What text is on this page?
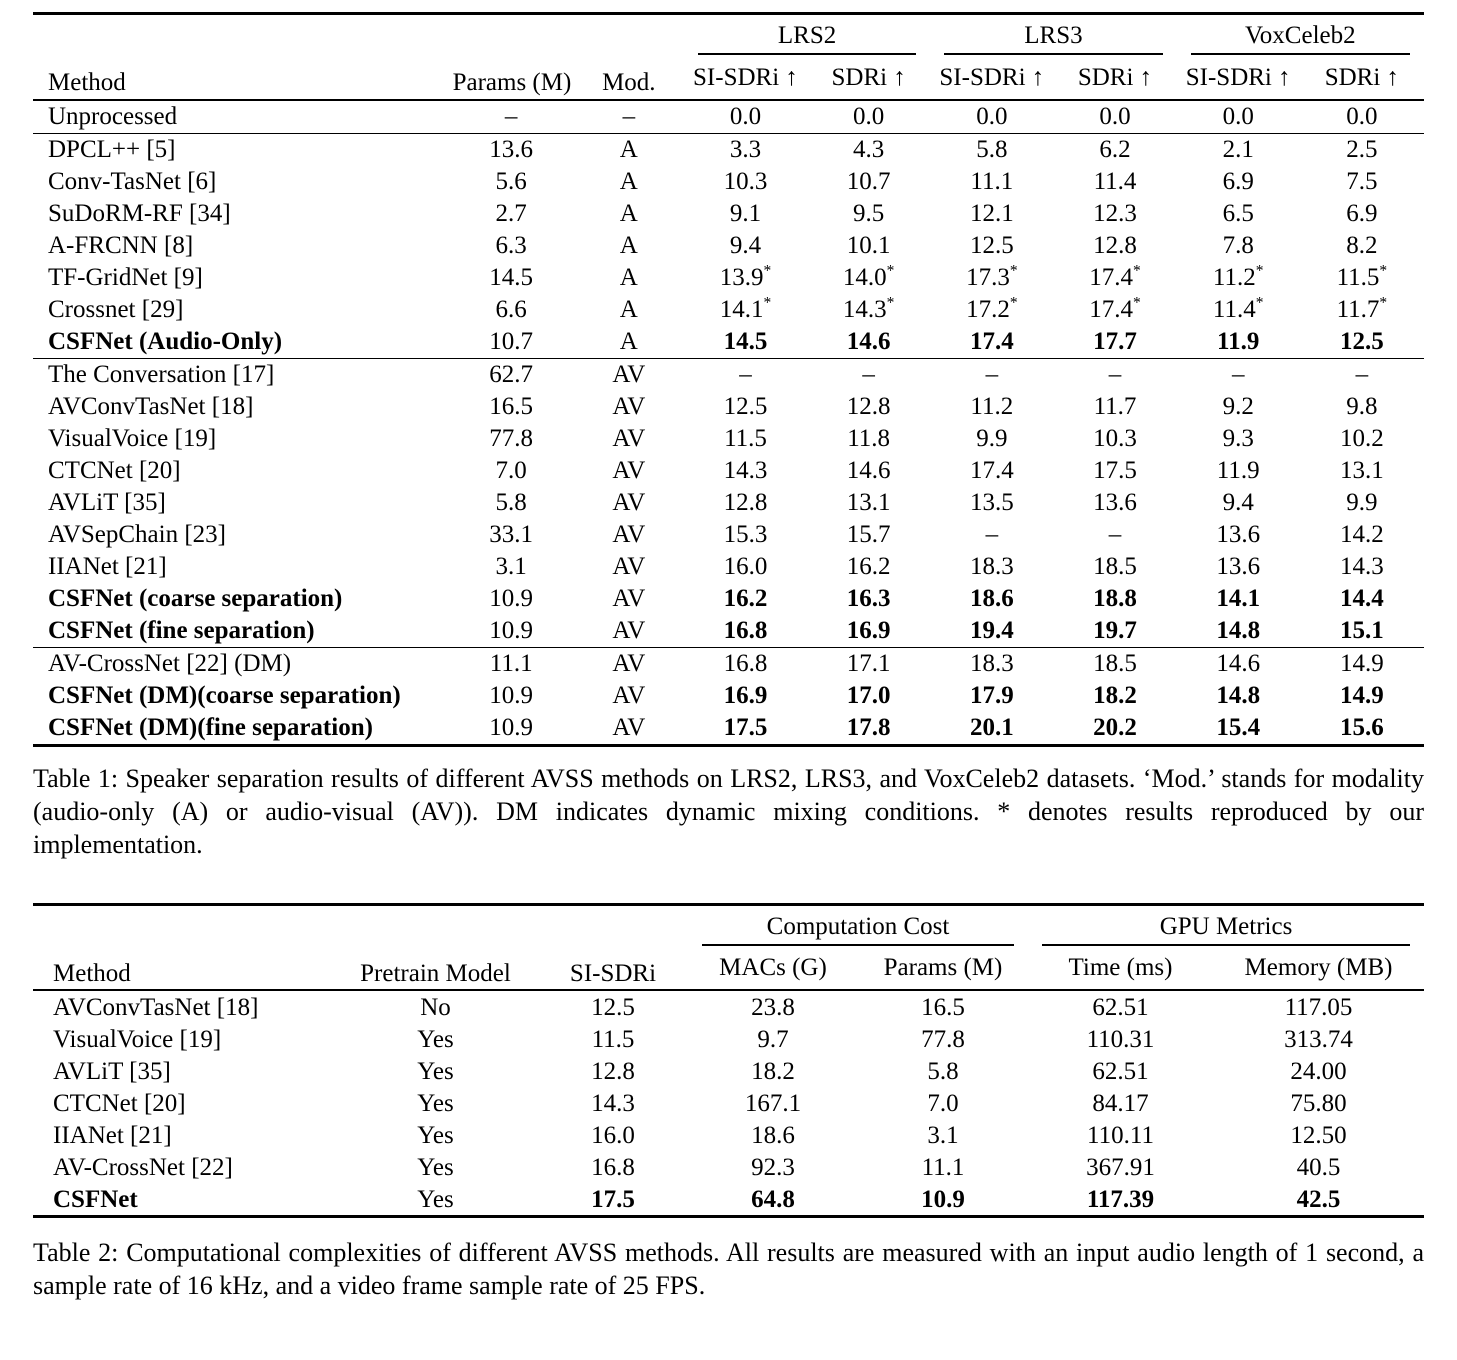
Method	Params (M)	Mod.	LRS2		LRS3		VoxCeleb2	

			SI-SDRi ↑	SDRi ↑	SI-SDRi ↑	SDRi ↑	SI-SDRi ↑	SDRi ↑
Unprocessed	–	–	0.0	0.0	0.0	0.0	0.0	0.0
DPCL++ [5]	13.6	A	3.3	4.3	5.8	6.2	2.1	2.5
Conv-TasNet [6]	5.6	A	10.3	10.7	11.1	11.4	6.9	7.5
SuDoRM-RF [34]	2.7	A	9.1	9.5	12.1	12.3	6.5	6.9
A-FRCNN [8]	6.3	A	9.4	10.1	12.5	12.8	7.8	8.2
TF-GridNet [9]	14.5	A	13.9*	14.0*	17.3*	17.4*	11.2*	11.5*
Crossnet [29]	6.6	A	14.1*	14.3*	17.2*	17.4*	11.4*	11.7*
CSFNet (Audio-Only)	10.7	A	14.5	14.6	17.4	17.7	11.9	12.5
The Conversation [17]	62.7	AV	–	–	–	–	–	–
AVConvTasNet [18]	16.5	AV	12.5	12.8	11.2	11.7	9.2	9.8
VisualVoice [19]	77.8	AV	11.5	11.8	9.9	10.3	9.3	10.2
CTCNet [20]	7.0	AV	14.3	14.6	17.4	17.5	11.9	13.1
AVLiT [35]	5.8	AV	12.8	13.1	13.5	13.6	9.4	9.9
AVSepChain [23]	33.1	AV	15.3	15.7	–	–	13.6	14.2
IIANet [21]	3.1	AV	16.0	16.2	18.3	18.5	13.6	14.3
CSFNet (coarse separation)	10.9	AV	16.2	16.3	18.6	18.8	14.1	14.4
CSFNet (fine separation)	10.9	AV	16.8	16.9	19.4	19.7	14.8	15.1
AV-CrossNet [22] (DM)	11.1	AV	16.8	17.1	18.3	18.5	14.6	14.9
CSFNet (DM)(coarse separation)	10.9	AV	16.9	17.0	17.9	18.2	14.8	14.9
CSFNet (DM)(fine separation)	10.9	AV	17.5	17.8	20.1	20.2	15.4	15.6

Table 1: Speaker separation results of different AVSS methods on LRS2, LRS3, and VoxCeleb2 datasets. ‘Mod.’ stands for modality (audio-only (A) or audio-visual (AV)). DM indicates dynamic mixing conditions. * denotes results reproduced by our implementation.

Method	Pretrain Model	SI-SDRi	Computation Cost		GPU Metrics	

			MACs (G)	Params (M)	Time (ms)	Memory (MB)
AVConvTasNet [18]	No	12.5	23.8	16.5	62.51	117.05
VisualVoice [19]	Yes	11.5	9.7	77.8	110.31	313.74
AVLiT [35]	Yes	12.8	18.2	5.8	62.51	24.00
CTCNet [20]	Yes	14.3	167.1	7.0	84.17	75.80
IIANet [21]	Yes	16.0	18.6	3.1	110.11	12.50
AV-CrossNet [22]	Yes	16.8	92.3	11.1	367.91	40.5
CSFNet	Yes	17.5	64.8	10.9	117.39	42.5

Table 2: Computational complexities of different AVSS methods. All results are measured with an input audio length of 1 second, a sample rate of 16 kHz, and a video frame sample rate of 25 FPS.
